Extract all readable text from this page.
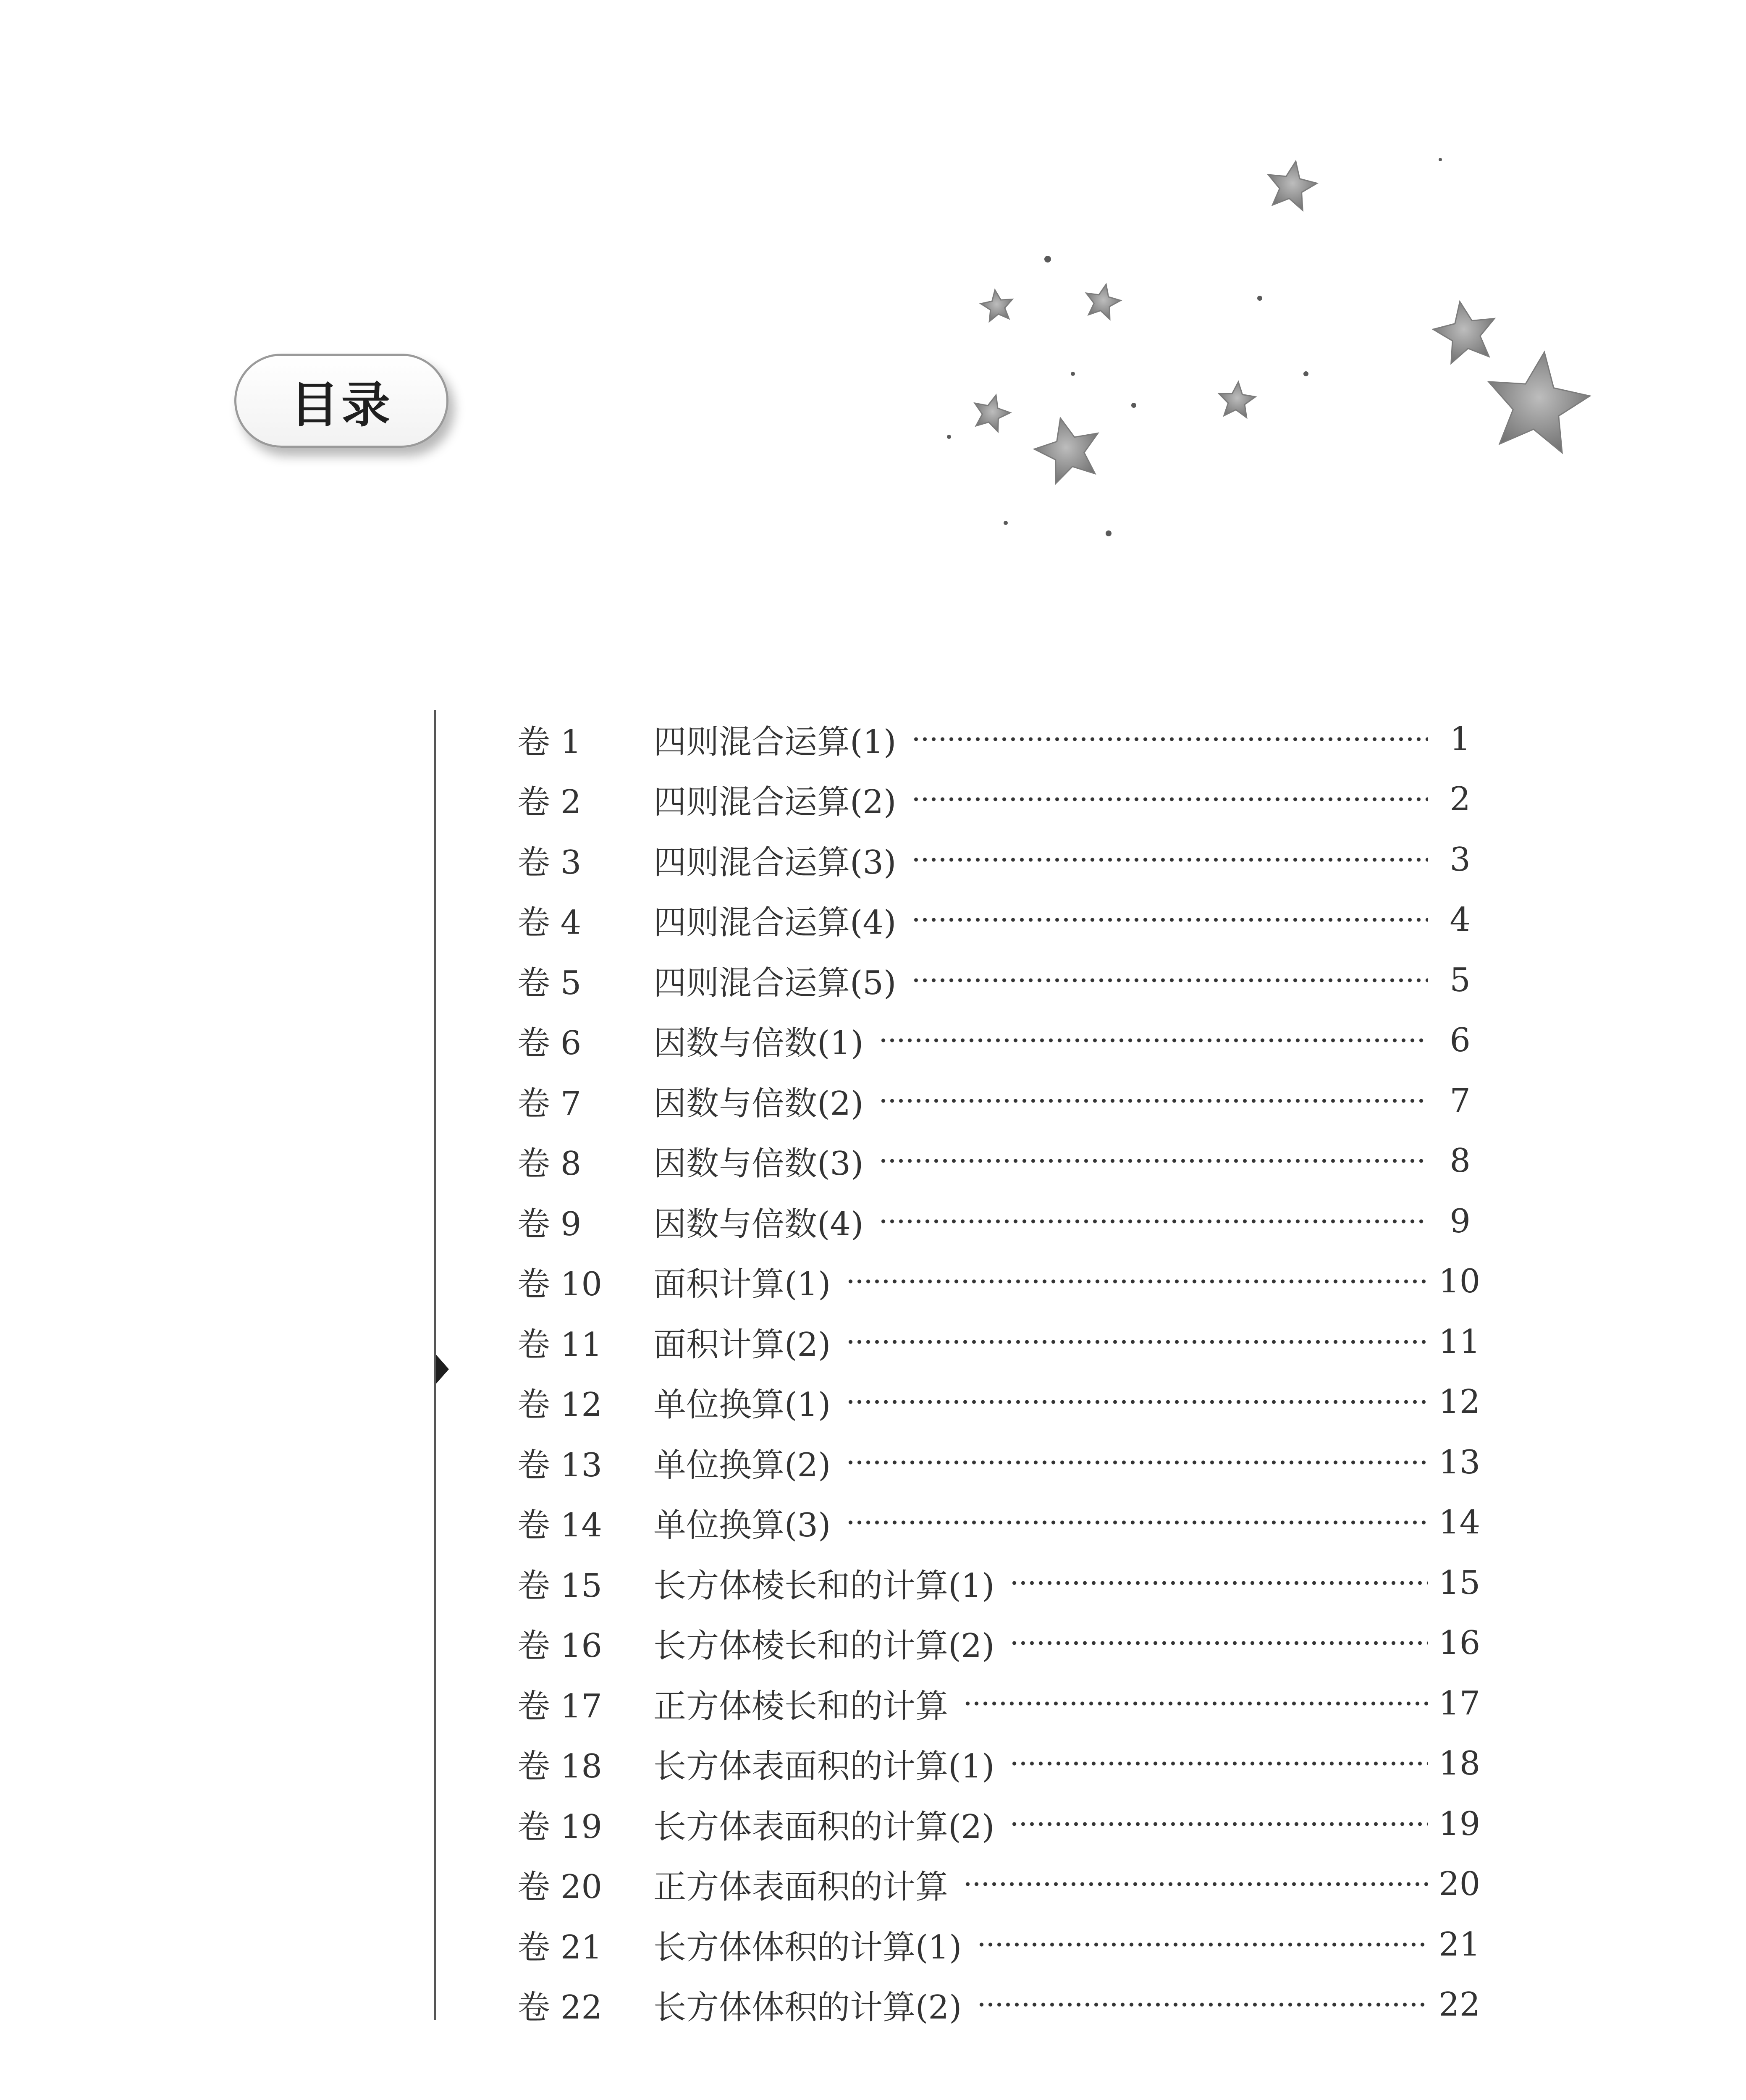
目录
卷 1	四则混合运算(1)	1
卷 2	四则混合运算(2)	2
卷 3	四则混合运算(3)	3
卷 4	四则混合运算(4)	4
卷 5	四则混合运算(5)	5
卷 6	因数与倍数(1)	6
卷 7	因数与倍数(2)	7
卷 8	因数与倍数(3)	8
卷 9	因数与倍数(4)	9
卷 10	面积计算(1)	10
卷 11	面积计算(2)	11
卷 12	单位换算(1)	12
卷 13	单位换算(2)	13
卷 14	单位换算(3)	14
卷 15	长方体棱长和的计算(1)	15
卷 16	长方体棱长和的计算(2)	16
卷 17	正方体棱长和的计算	17
卷 18	长方体表面积的计算(1)	18
卷 19	长方体表面积的计算(2)	19
卷 20	正方体表面积的计算	20
卷 21	长方体体积的计算(1)	21
卷 22	长方体体积的计算(2)	22
